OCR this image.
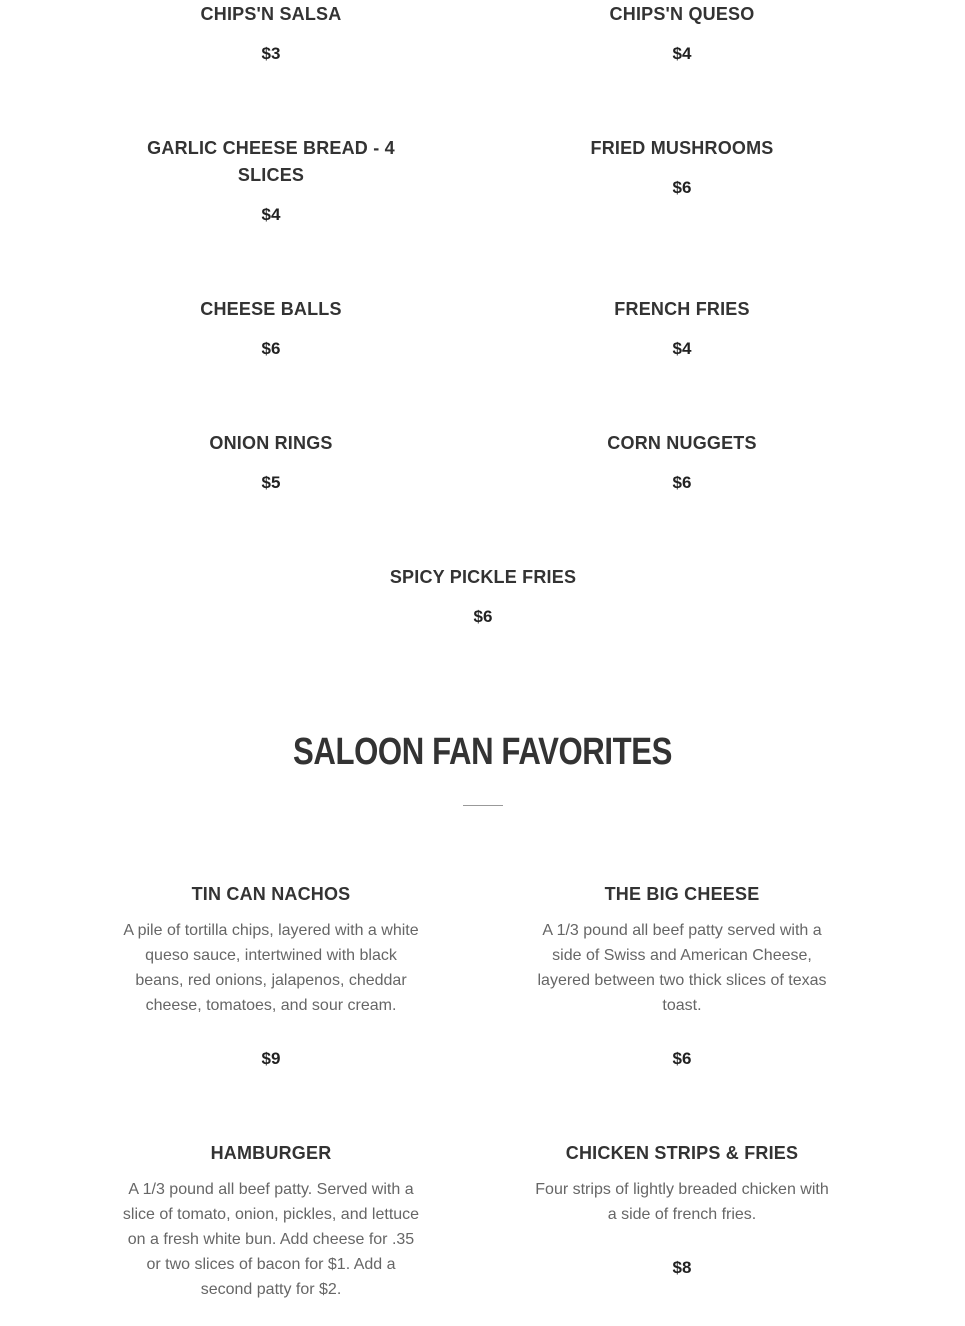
CHIPS'N SALSA

$3

CHIPS'N QUESO

$4

GARLIC CHEESE BREAD - 4 SLICES

$4

FRIED MUSHROOMS

$6

CHEESE BALLS

$6

FRENCH FRIES

$4

ONION RINGS

$5

CORN NUGGETS

$6

SPICY PICKLE FRIES

$6

SALOON FAN FAVORITES

TIN CAN NACHOS

A pile of tortilla chips, layered with a white queso sauce, intertwined with black beans, red onions, jalapenos, cheddar cheese, tomatoes, and sour cream.

$9

THE BIG CHEESE

A 1/3 pound all beef patty served with a side of Swiss and American Cheese, layered between two thick slices of texas toast.

$6

HAMBURGER

A 1/3 pound all beef patty. Served with a slice of tomato, onion, pickles, and lettuce on a fresh white bun. Add cheese for .35 or two slices of bacon for $1. Add a second patty for $2.

CHICKEN STRIPS & FRIES

Four strips of lightly breaded chicken with a side of french fries.

$8
